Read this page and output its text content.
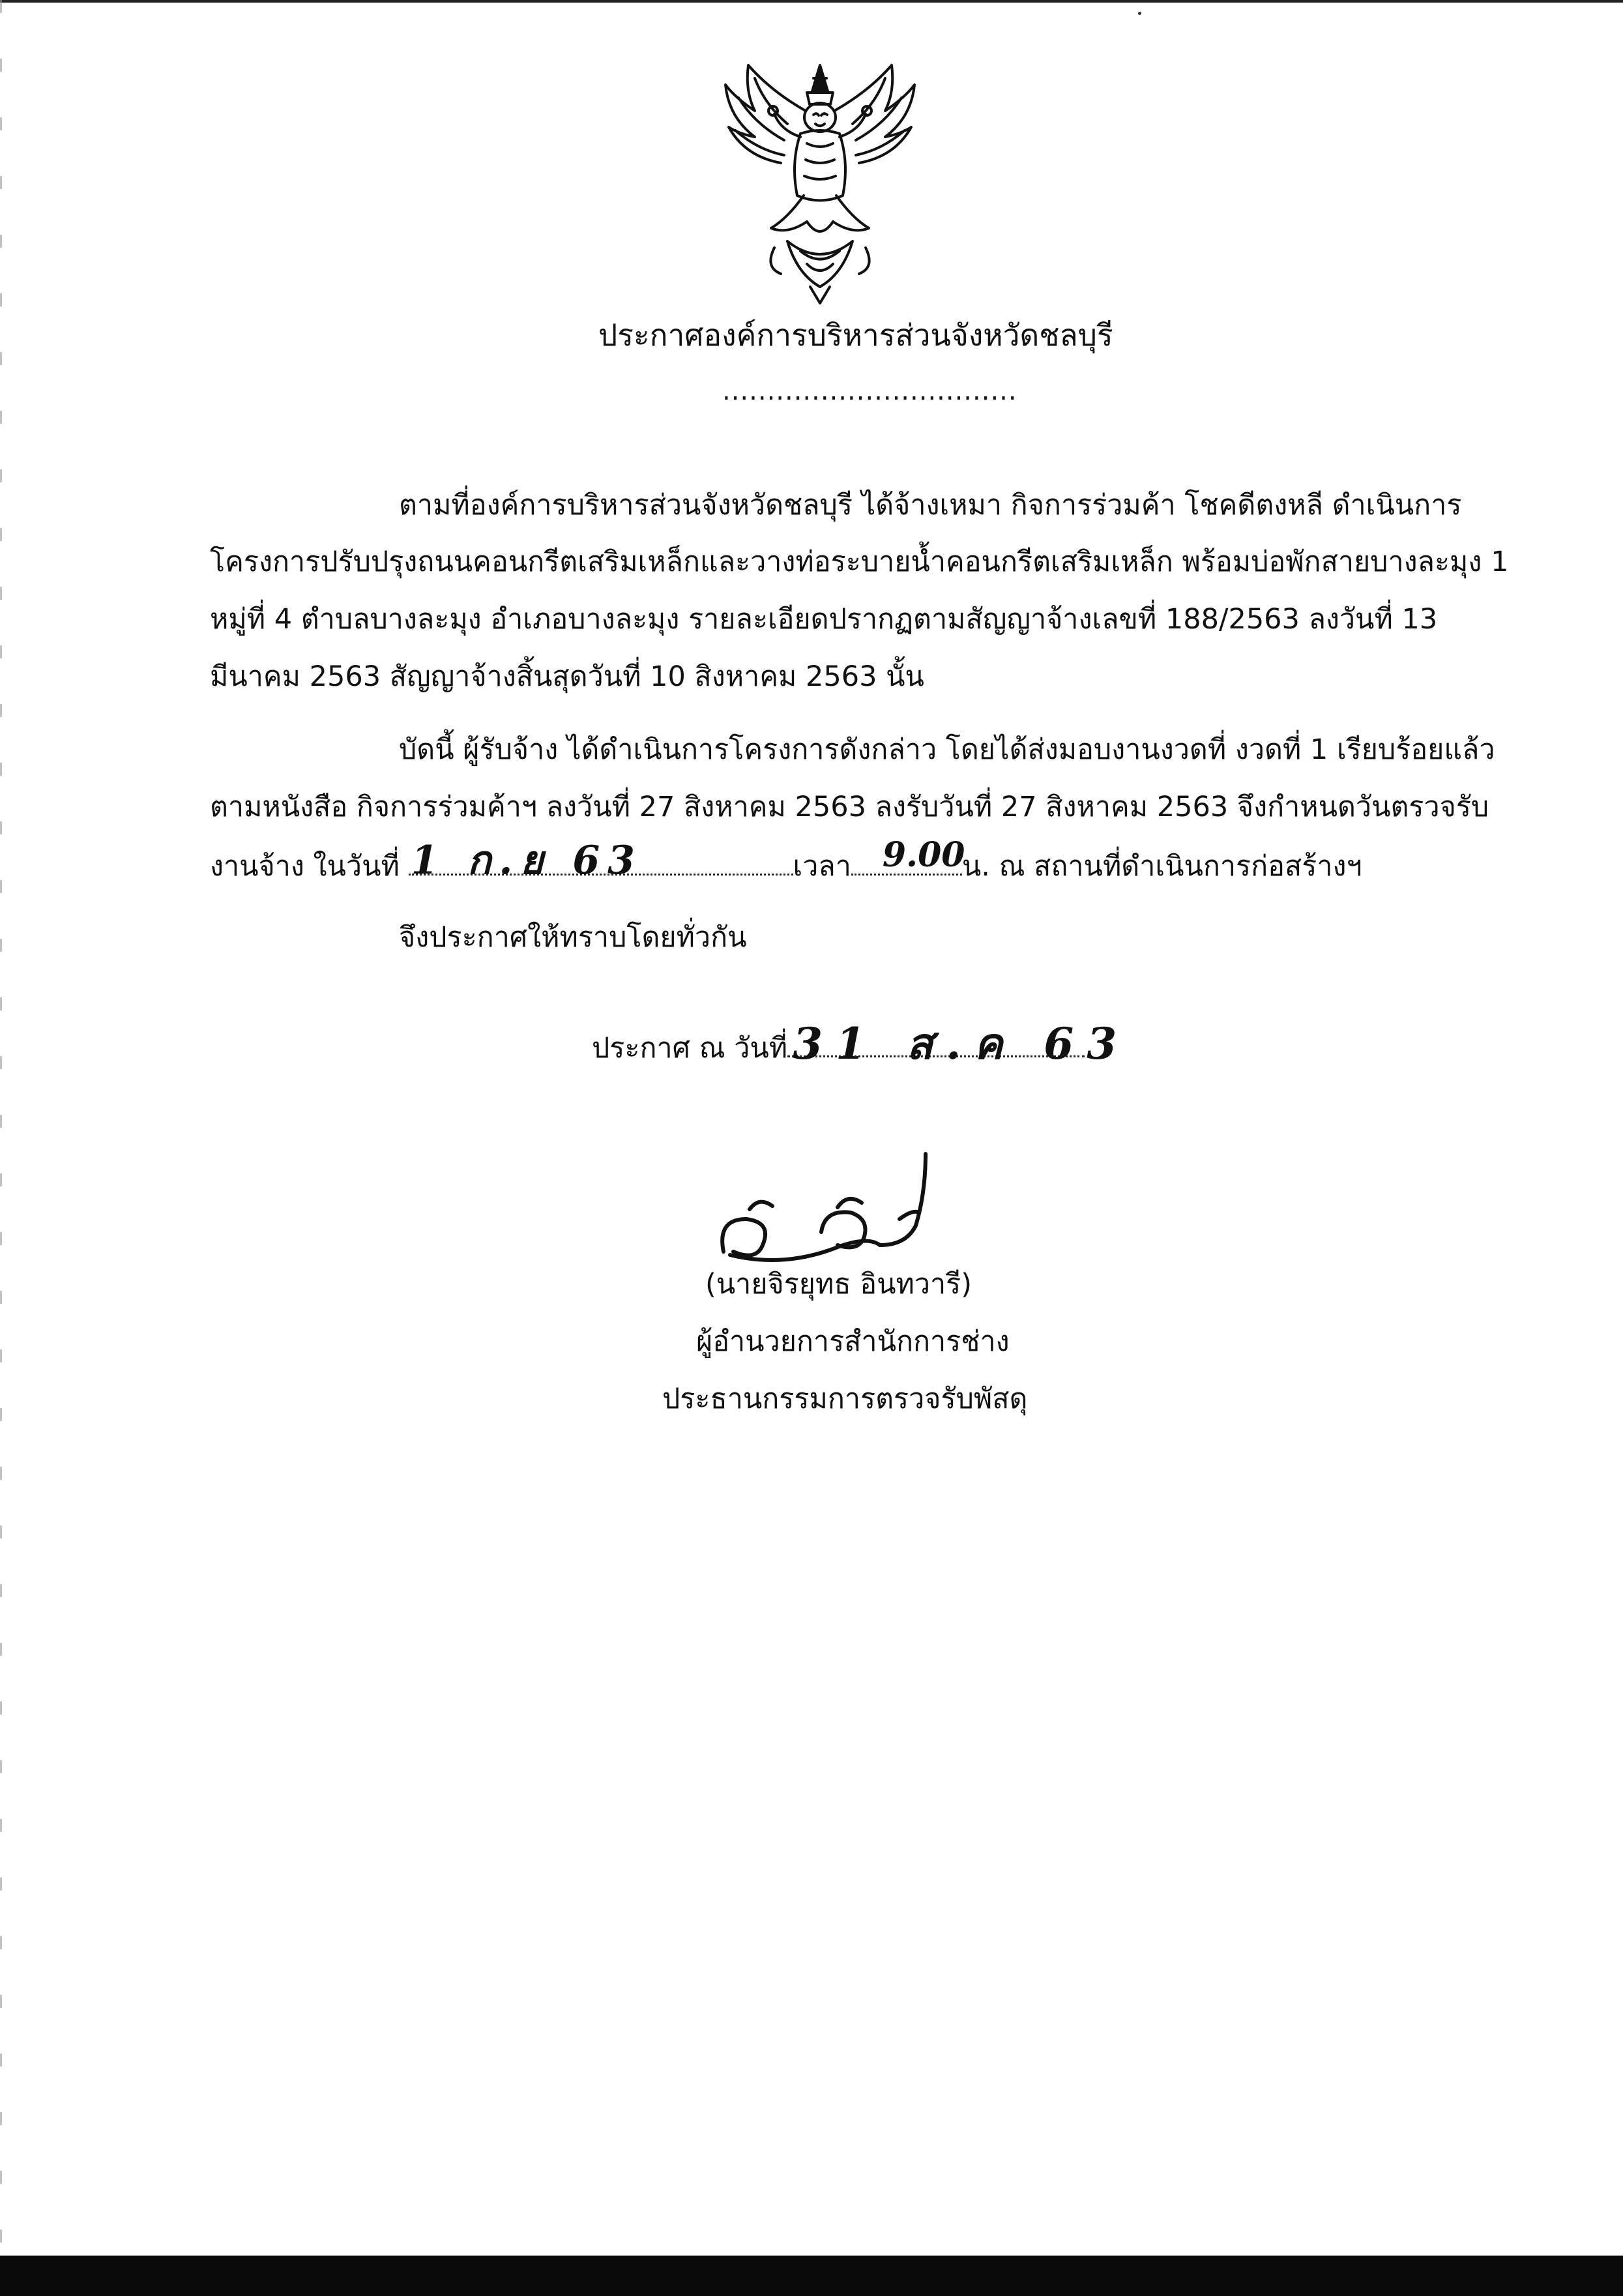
ประกาศองค์การบริหารส่วนจังหวัดชลบุรี
.................................
ตามที่องค์การบริหารส่วนจังหวัดชลบุรี ได้จ้างเหมา กิจการร่วมค้า โชคดีตงหลี ดำเนินการ
โครงการปรับปรุงถนนคอนกรีตเสริมเหล็กและวางท่อระบายน้ำคอนกรีตเสริมเหล็ก พร้อมบ่อพักสายบางละมุง 1
หมู่ที่ 4 ตำบลบางละมุง อำเภอบางละมุง รายละเอียดปรากฏตามสัญญาจ้างเลขที่ 188/2563 ลงวันที่ 13
มีนาคม 2563 สัญญาจ้างสิ้นสุดวันที่ 10 สิงหาคม 2563 นั้น
บัดนี้ ผู้รับจ้าง ได้ดำเนินการโครงการดังกล่าว โดยได้ส่งมอบงานงวดที่ งวดที่ 1 เรียบร้อยแล้ว
ตามหนังสือ กิจการร่วมค้าฯ ลงวันที่ 27 สิงหาคม 2563 ลงรับวันที่ 27 สิงหาคม 2563 จึงกำหนดวันตรวจรับ
งานจ้าง ในวันที่ 1 ก.ย 63	เวลา 9.00
น. ณ สถานที่ดำเนินการก่อสร้างฯ
จึงประกาศให้ทราบโดยทั่วกัน
ประกาศ ณ วันที่ 31 ส.ค 63
(นายจิรยุทธ อินทวารี)
ผู้อำนวยการสำนักการช่าง
ประธานกรรมการตรวจรับพัสดุ
